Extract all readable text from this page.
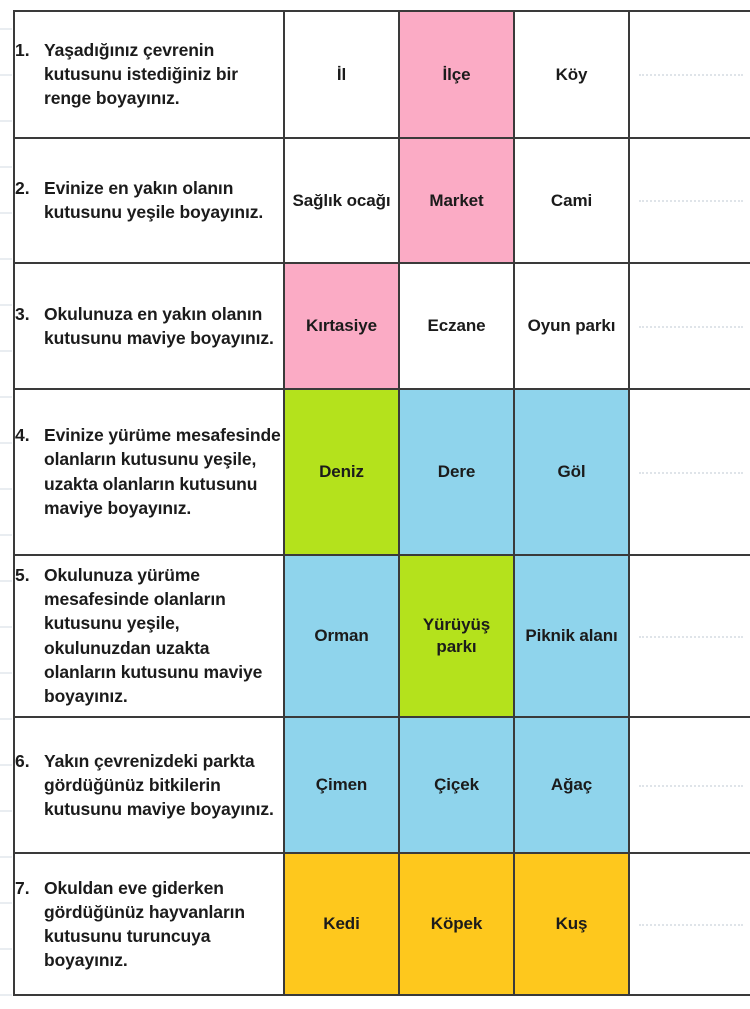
1. Yaşadığınız çevrenin kutusunu istediğiniz bir renge boyayınız.	İl	İlçe	Köy	

2. Evinize en yakın olanın kutusunu yeşile boyayınız.	Sağlık ocağı	Market	Cami	

3. Okulunuza en yakın olanın kutusunu maviye boyayınız.	Kırtasiye	Eczane	Oyun parkı	

4. Evinize yürüme mesafesinde olanların kutusunu yeşile, uzakta olanların kutusunu maviye boyayınız.	Deniz	Dere	Göl	

5. Okulunuza yürüme mesafesinde olanların kutusunu yeşile, okulunuzdan uzakta olanların kutusunu maviye boyayınız.	Orman	Yürüyüş parkı	Piknik alanı	

6. Yakın çevrenizdeki parkta gördüğünüz bitkilerin kutusunu maviye boyayınız.	Çimen	Çiçek	Ağaç	

7. Okuldan eve giderken gördüğünüz hayvanların kutusunu turuncuya boyayınız.	Kedi	Köpek	Kuş	
